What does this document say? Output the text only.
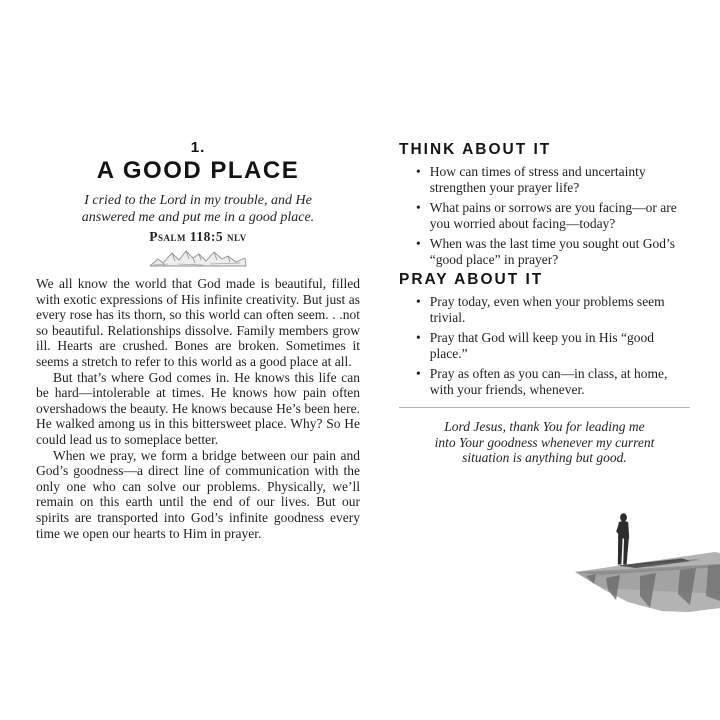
1.
A GOOD PLACE
I cried to the Lord in my trouble, and He
answered me and put me in a good place.
Psalm 118:5 nlv

We all know the world that God made is beautiful, filled with exotic expressions of His infinite creativity. But just as every rose has its thorn, so this world can often seem. . .not so beautiful. Relationships dissolve. Family members grow ill. Hearts are crushed. Bones are broken. Sometimes it seems a stretch to refer to this world as a good place at all.

But that’s where God comes in. He knows this life can be hard—intolerable at times. He knows how pain often overshadows the beauty. He knows because He’s been here. He walked among us in this bittersweet place. Why? So He could lead us to someplace better.

When we pray, we form a bridge between our pain and God’s goodness—a direct line of communication with the only one who can solve our problems. Physically, we’ll remain on this earth until the end of our lives. But our spirits are transported into God’s infinite goodness every time we open our hearts to Him in prayer.

THINK ABOUT IT
• How can times of stress and uncertainty strengthen your prayer life?
• What pains or sorrows are you facing—or are you worried about facing—today?
• When was the last time you sought out God’s “good place” in prayer?
PRAY ABOUT IT
• Pray today, even when your problems seem trivial.
• Pray that God will keep you in His “good place.”
• Pray as often as you can—in class, at home, with your friends, whenever.
Lord Jesus, thank You for leading me
into Your goodness whenever my current
situation is anything but good.
